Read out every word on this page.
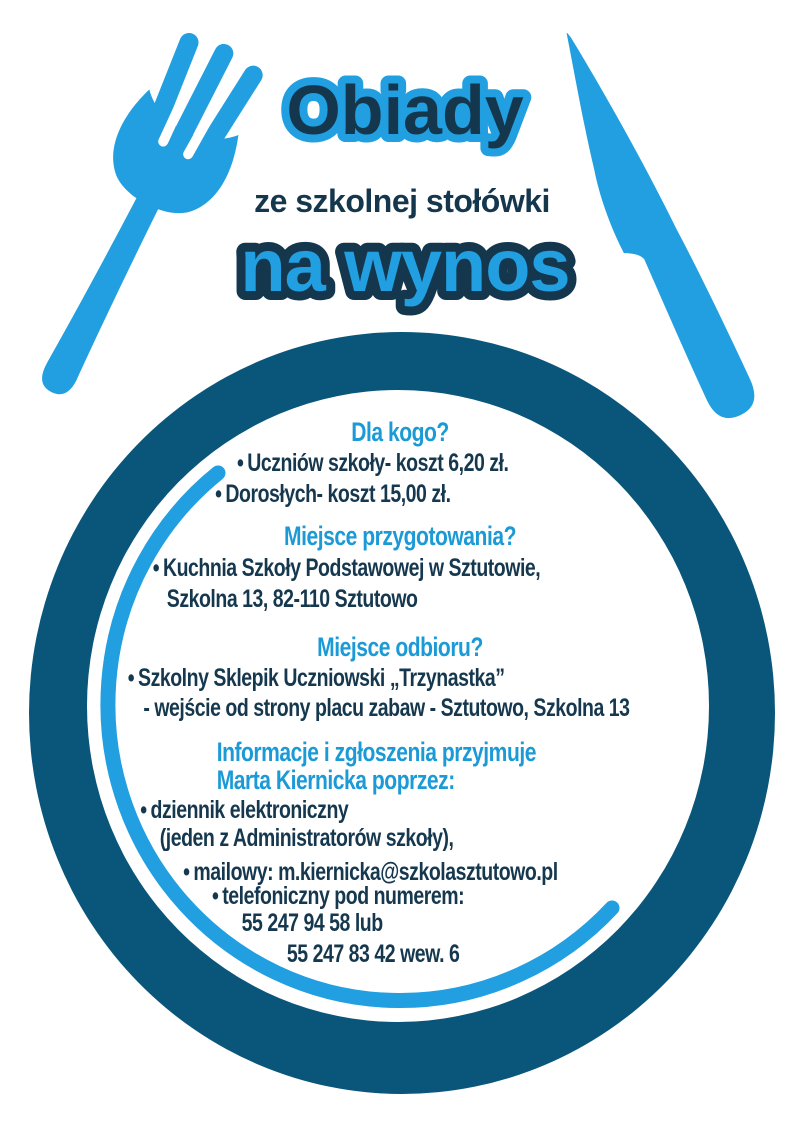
Obiady
ze szkolnej stołówki
na wynos
Dla kogo?
• Uczniów szkoły- koszt 6,20 zł.
• Dorosłych- koszt 15,00 zł.
Miejsce przygotowania?
• Kuchnia Szkoły Podstawowej w Sztutowie,
Szkolna 13, 82-110 Sztutowo
Miejsce odbioru?
• Szkolny Sklepik Uczniowski „Trzynastka”
- wejście od strony placu zabaw - Sztutowo, Szkolna 13
Informacje i zgłoszenia przyjmuje
Marta Kiernicka poprzez:
• dziennik elektroniczny
(jeden z Administratorów szkoły),
• mailowy: m.kiernicka@szkolasztutowo.pl
• telefoniczny pod numerem:
55 247 94 58 lub
55 247 83 42 wew. 6
